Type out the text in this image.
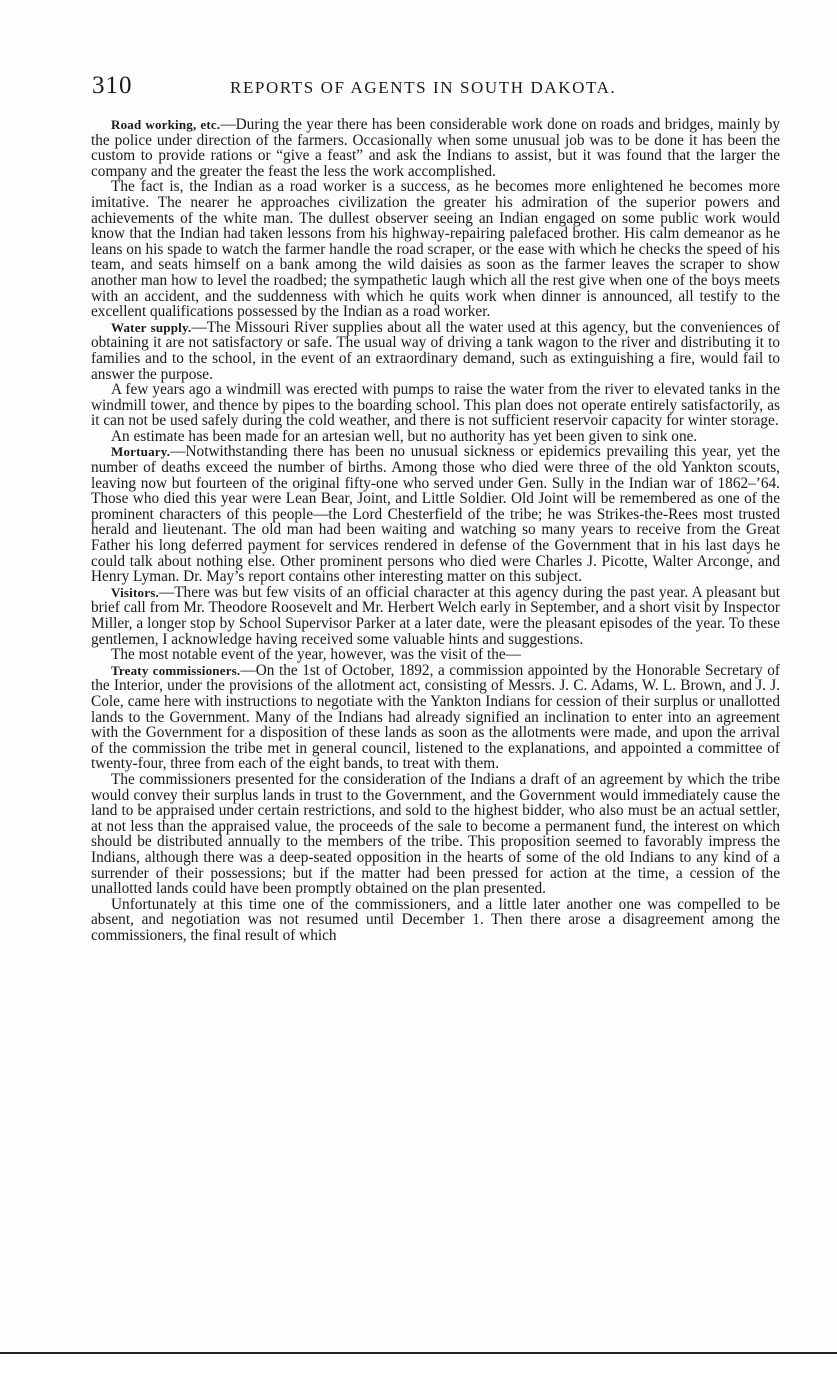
310	REPORTS OF AGENTS IN SOUTH DAKOTA.

Road working, etc.—During the year there has been considerable work done on roads and bridges, mainly by the police under direction of the farmers. Occasionally when some unusual job was to be done it has been the custom to provide rations or “give a feast” and ask the Indians to assist, but it was found that the larger the company and the greater the feast the less the work accomplished.

The fact is, the Indian as a road worker is a success, as he becomes more enlightened he becomes more imitative. The nearer he approaches civilization the greater his admiration of the superior powers and achievements of the white man. The dullest observer seeing an Indian engaged on some public work would know that the Indian had taken lessons from his highway-repairing palefaced brother. His calm demeanor as he leans on his spade to watch the farmer handle the road scraper, or the ease with which he checks the speed of his team, and seats himself on a bank among the wild daisies as soon as the farmer leaves the scraper to show another man how to level the roadbed; the sympathetic laugh which all the rest give when one of the boys meets with an accident, and the suddenness with which he quits work when dinner is announced, all testify to the excellent qualifications possessed by the Indian as a road worker.

Water supply.—The Missouri River supplies about all the water used at this agency, but the conveniences of obtaining it are not satisfactory or safe. The usual way of driving a tank wagon to the river and distributing it to families and to the school, in the event of an extraordinary demand, such as extinguishing a fire, would fail to answer the purpose.

A few years ago a windmill was erected with pumps to raise the water from the river to elevated tanks in the windmill tower, and thence by pipes to the boarding school. This plan does not operate entirely satisfactorily, as it can not be used safely during the cold weather, and there is not sufficient reservoir capacity for winter storage.

An estimate has been made for an artesian well, but no authority has yet been given to sink one.

Mortuary.—Notwithstanding there has been no unusual sickness or epidemics prevailing this year, yet the number of deaths exceed the number of births. Among those who died were three of the old Yankton scouts, leaving now but fourteen of the original fifty-one who served under Gen. Sully in the Indian war of 1862–’64. Those who died this year were Lean Bear, Joint, and Little Soldier. Old Joint will be remembered as one of the prominent characters of this people—the Lord Chesterfield of the tribe; he was Strikes-the-Rees most trusted herald and lieutenant. The old man had been waiting and watching so many years to receive from the Great Father his long deferred payment for services rendered in defense of the Government that in his last days he could talk about nothing else. Other prominent persons who died were Charles J. Picotte, Walter Arconge, and Henry Lyman. Dr. May’s report contains other interesting matter on this subject.

Visitors.—There was but few visits of an official character at this agency during the past year. A pleasant but brief call from Mr. Theodore Roosevelt and Mr. Herbert Welch early in September, and a short visit by Inspector Miller, a longer stop by School Supervisor Parker at a later date, were the pleasant episodes of the year. To these gentlemen, I acknowledge having received some valuable hints and suggestions.

The most notable event of the year, however, was the visit of the—

Treaty commissioners.—On the 1st of October, 1892, a commission appointed by the Honorable Secretary of the Interior, under the provisions of the allotment act, consisting of Messrs. J. C. Adams, W. L. Brown, and J. J. Cole, came here with instructions to negotiate with the Yankton Indians for cession of their surplus or unallotted lands to the Government. Many of the Indians had already signified an inclination to enter into an agreement with the Government for a disposition of these lands as soon as the allotments were made, and upon the arrival of the commission the tribe met in general council, listened to the explanations, and appointed a committee of twenty-four, three from each of the eight bands, to treat with them.

The commissioners presented for the consideration of the Indians a draft of an agreement by which the tribe would convey their surplus lands in trust to the Government, and the Government would immediately cause the land to be appraised under certain restrictions, and sold to the highest bidder, who also must be an actual settler, at not less than the appraised value, the proceeds of the sale to become a permanent fund, the interest on which should be distributed annually to the members of the tribe. This proposition seemed to favorably impress the Indians, although there was a deep-seated opposition in the hearts of some of the old Indians to any kind of a surrender of their possessions; but if the matter had been pressed for action at the time, a cession of the unallotted lands could have been promptly obtained on the plan presented.

Unfortunately at this time one of the commissioners, and a little later another one was compelled to be absent, and negotiation was not resumed until December 1. Then there arose a disagreement among the commissioners, the final result of which
